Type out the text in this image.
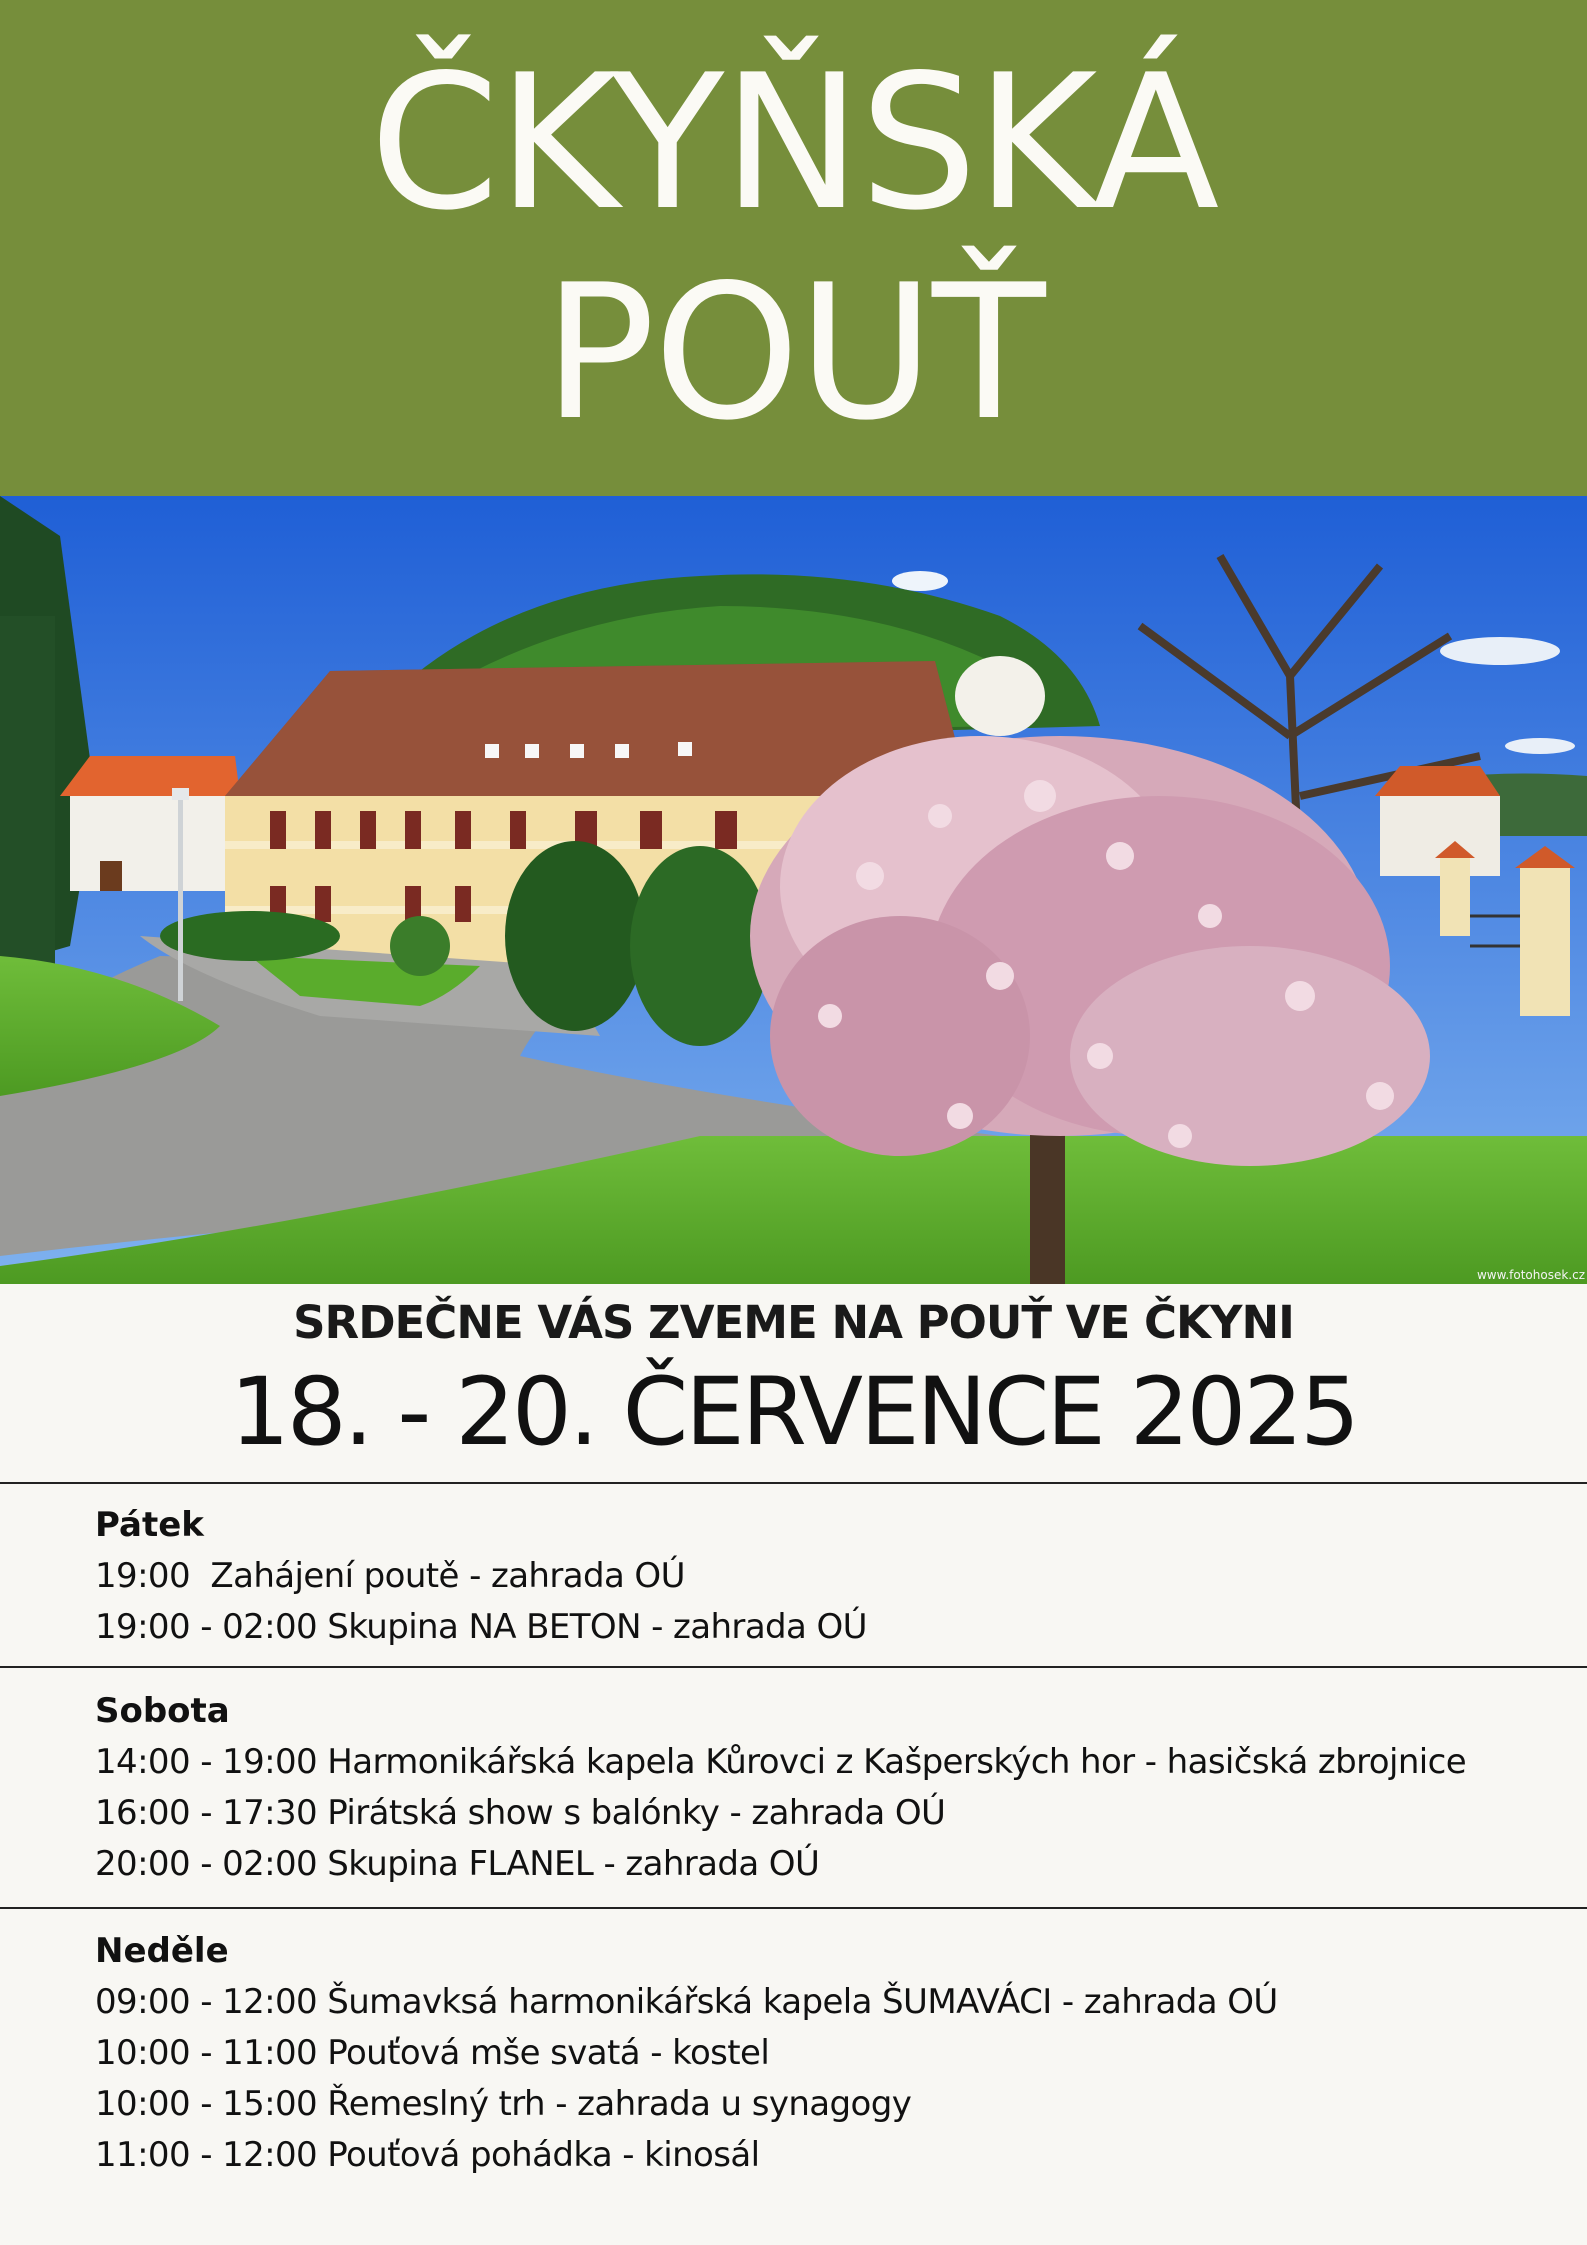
ČKYŇSKÁ
POUŤ
www.fotohosek.cz
SRDEČNE VÁS ZVEME NA POUŤ VE ČKYNI
18. - 20. ČERVENCE 2025
Pátek
19:00  Zahájení poutě - zahrada OÚ
19:00 - 02:00 Skupina NA BETON - zahrada OÚ
Sobota
14:00 - 19:00 Harmonikářská kapela Kůrovci z Kašperských hor - hasičská zbrojnice
16:00 - 17:30 Pirátská show s balónky - zahrada OÚ
20:00 - 02:00 Skupina FLANEL - zahrada OÚ
Neděle
09:00 - 12:00 Šumavksá harmonikářská kapela ŠUMAVÁCI - zahrada OÚ
10:00 - 11:00 Pouťová mše svatá - kostel
10:00 - 15:00 Řemeslný trh - zahrada u synagogy
11:00 - 12:00 Pouťová pohádka - kinosál
